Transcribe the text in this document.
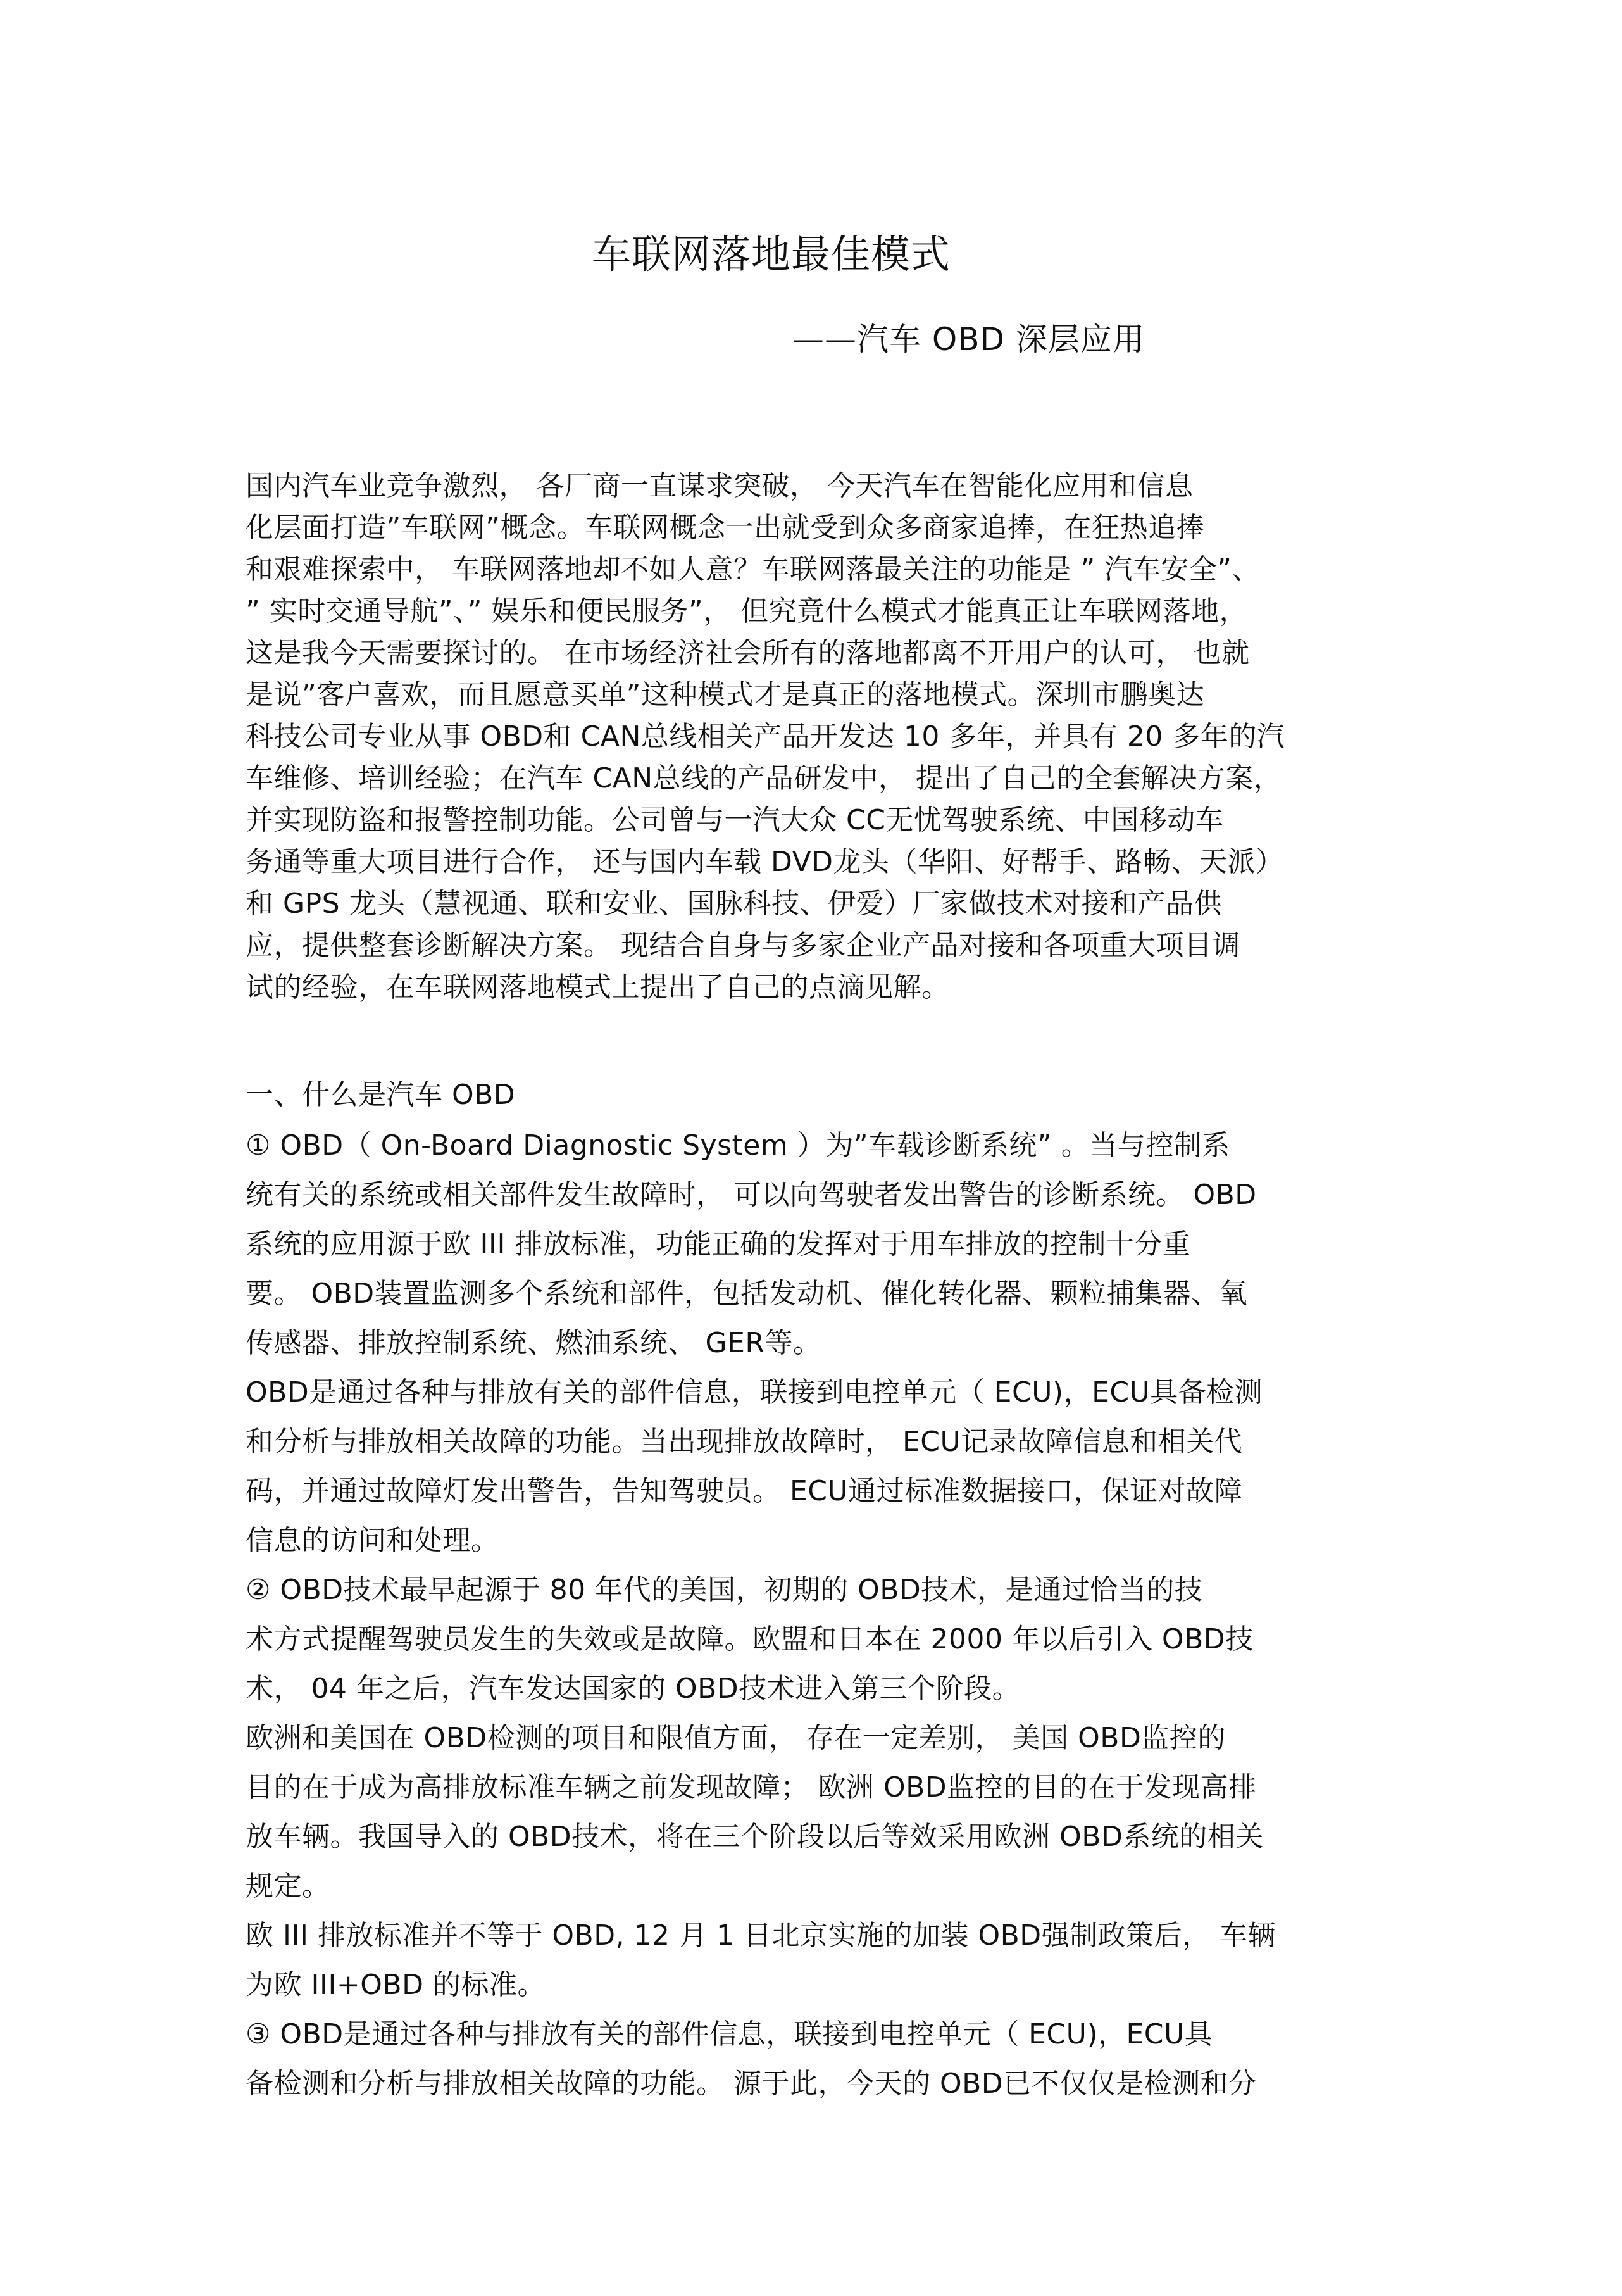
车联网落地最佳模式
——汽车 OBD 深层应用
国内汽车业竞争激烈， 各厂商一直谋求突破， 今天汽车在智能化应用和信息
化层面打造”车联网”概念。车联网概念一出就受到众多商家追捧，在狂热追捧
和艰难探索中， 车联网落地却不如人意？车联网落最关注的功能是 ” 汽车安全”、
” 实时交通导航”、” 娱乐和便民服务”， 但究竟什么模式才能真正让车联网落地，
这是我今天需要探讨的。 在市场经济社会所有的落地都离不开用户的认可， 也就
是说”客户喜欢，而且愿意买单”这种模式才是真正的落地模式。深圳市鹏奥达
科技公司专业从事 OBD和 CAN总线相关产品开发达 10 多年，并具有 20 多年的汽
车维修、培训经验；在汽车 CAN总线的产品研发中， 提出了自己的全套解决方案，
并实现防盗和报警控制功能。公司曾与一汽大众 CC无忧驾驶系统、中国移动车
务通等重大项目进行合作， 还与国内车载 DVD龙头（华阳、好帮手、路畅、天派）
和 GPS 龙头（慧视通、联和安业、国脉科技、伊爱）厂家做技术对接和产品供
应，提供整套诊断解决方案。 现结合自身与多家企业产品对接和各项重大项目调
试的经验，在车联网落地模式上提出了自己的点滴见解。
一、什么是汽车 OBD
① OBD（ On-Board Diagnostic System ）为”车载诊断系统” 。当与控制系
统有关的系统或相关部件发生故障时， 可以向驾驶者发出警告的诊断系统。 OBD
系统的应用源于欧 III 排放标准，功能正确的发挥对于用车排放的控制十分重
要。 OBD装置监测多个系统和部件，包括发动机、催化转化器、颗粒捕集器、氧
传感器、排放控制系统、燃油系统、 GER等。
OBD是通过各种与排放有关的部件信息，联接到电控单元（ ECU)，ECU具备检测
和分析与排放相关故障的功能。当出现排放故障时， ECU记录故障信息和相关代
码，并通过故障灯发出警告，告知驾驶员。 ECU通过标准数据接口，保证对故障
信息的访问和处理。
② OBD技术最早起源于 80 年代的美国，初期的 OBD技术，是通过恰当的技
术方式提醒驾驶员发生的失效或是故障。欧盟和日本在 2000 年以后引入 OBD技
术， 04 年之后，汽车发达国家的 OBD技术进入第三个阶段。
欧洲和美国在 OBD检测的项目和限值方面， 存在一定差别， 美国 OBD监控的
目的在于成为高排放标准车辆之前发现故障； 欧洲 OBD监控的目的在于发现高排
放车辆。我国导入的 OBD技术，将在三个阶段以后等效采用欧洲 OBD系统的相关
规定。
欧 III 排放标准并不等于 OBD, 12 月 1 日北京实施的加装 OBD强制政策后， 车辆
为欧 III+OBD 的标准。
③ OBD是通过各种与排放有关的部件信息，联接到电控单元（ ECU)，ECU具
备检测和分析与排放相关故障的功能。 源于此，今天的 OBD已不仅仅是检测和分
